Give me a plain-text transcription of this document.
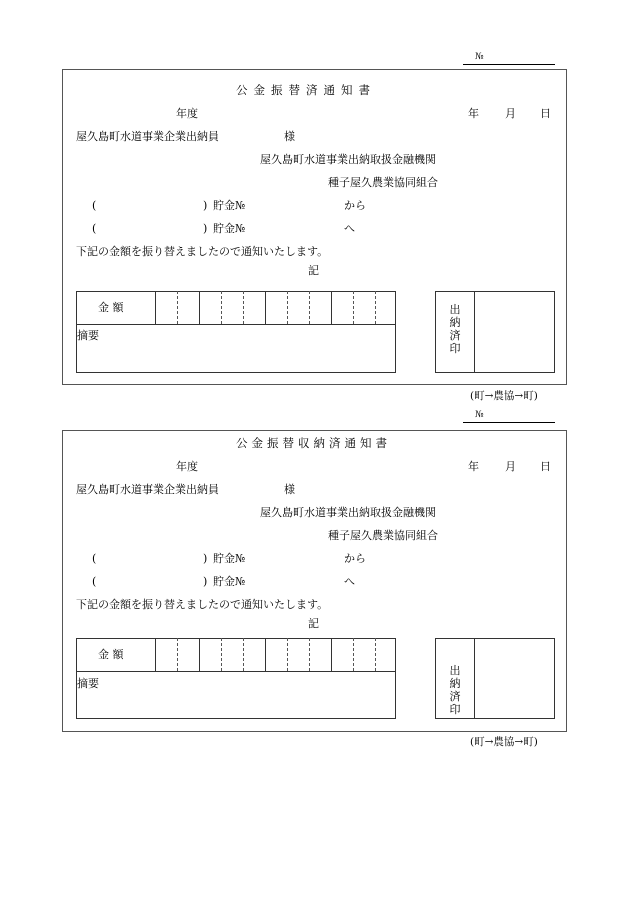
№
公金振替済通知書
年度	年 月 日
屋久島町水道事業企業出納員	様
屋久島町水道事業出納取扱金融機関
種子屋久農業協同組合
(	) 貯金№	から
(	) 貯金№	へ
下記の金額を振り替えましたので通知いたします。
記
金 額
摘要
出納済印
(町→農協→町)
№
公金振替収納済通知書
年度	年 月 日
屋久島町水道事業企業出納員	様
屋久島町水道事業出納取扱金融機関
種子屋久農業協同組合
(	) 貯金№	から
(	) 貯金№	へ
下記の金額を振り替えましたので通知いたします。
記
金 額
摘要
出納済印
(町→農協→町)
